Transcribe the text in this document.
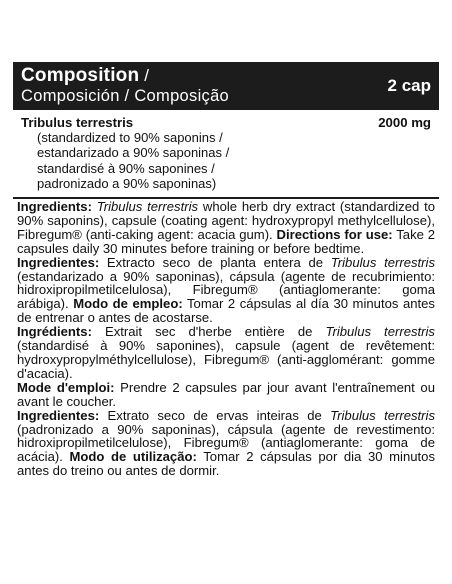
Composition /
Composición / Composição
2 cap
Tribulus terrestris	2000 mg
(standardized to 90% saponins /
estandarizado a 90% saponinas /
standardisé à 90% saponines /
padronizado a 90% saponinas)

Ingredients: Tribulus terrestris whole herb dry extract (standardized to 90% saponins), capsule (coating agent: hydroxypropyl methylcellulose), Fibregum® (anti-caking agent: acacia gum). Directions for use: Take 2 capsules daily 30 minutes before training or before bedtime.

Ingredientes: Extracto seco de planta entera de Tribulus terrestris (estandarizado a 90% saponinas), cápsula (agente de recubrimiento: hidroxipropilmetilcelulosa), Fibregum® (antiaglomerante: goma arábiga). Modo de empleo: Tomar 2 cápsulas al día 30 minutos antes de entrenar o antes de acostarse.

Ingrédients: Extrait sec d'herbe entière de Tribulus terrestris (standardisé à 90% saponines), capsule (agent de revêtement: hydroxypropylméthylcellulose), Fibregum® (anti-agglomérant: gomme d'acacia).
Mode d'emploi: Prendre 2 capsules par jour avant l'entraînement ou avant le coucher.

Ingredientes: Extrato seco de ervas inteiras de Tribulus terrestris (padronizado a 90% saponinas), cápsula (agente de revestimento: hidroxipropilmetilcelulose), Fibregum® (antiaglomerante: goma de acácia). Modo de utilização: Tomar 2 cápsulas por dia 30 minutos antes do treino ou antes de dormir.
